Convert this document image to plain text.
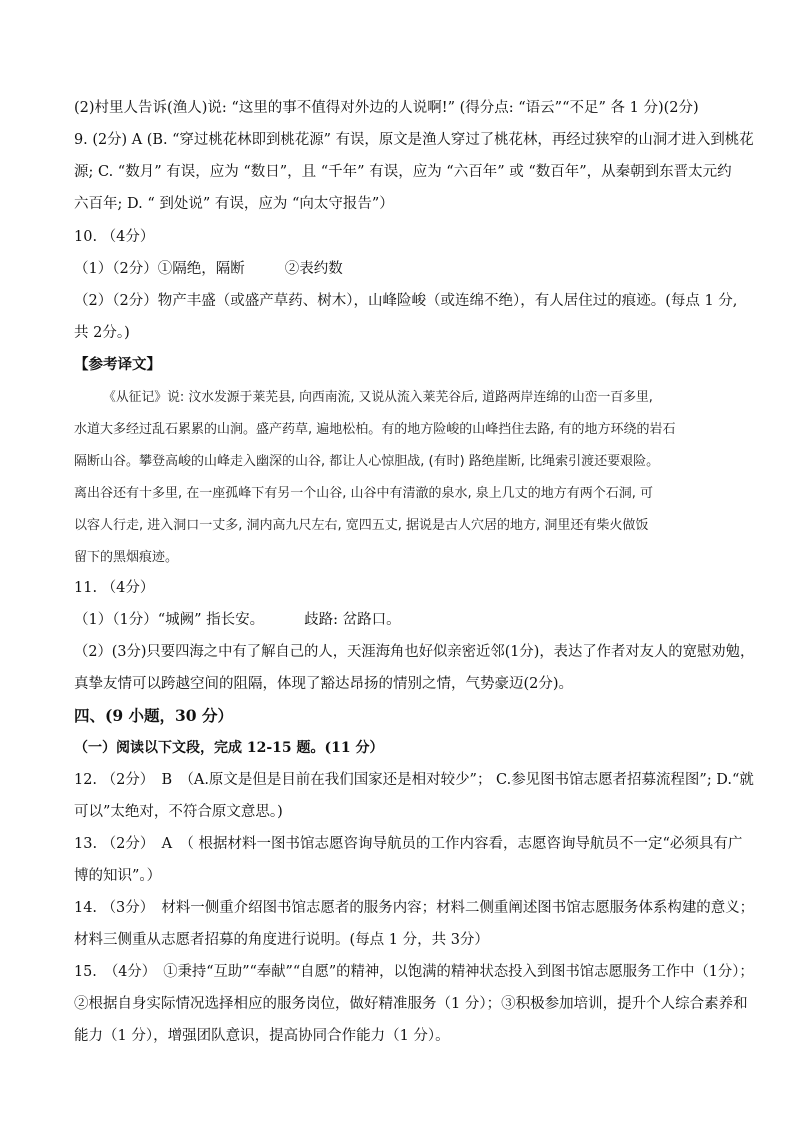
(2)村里人告诉(渔人)说: “这里的事不值得对外边的人说啊!” (得分点: “语云”“不足” 各 1 分)(2分)
9. (2分) A (B. “穿过桃花林即到桃花源” 有误，原文是渔人穿过了桃花林，再经过狭窄的山洞才进入到桃花
源; C. “数月” 有误，应为 “数日”，且 “千年” 有误，应为 “六百年” 或 “数百年”，从秦朝到东晋太元约
六百年; D. “ 到处说” 有误，应为 “向太守报告”）
10. （4分）
（1）（2分）①隔绝，隔断	②表约数
（2）（2分）物产丰盛（或盛产草药、树木），山峰险峻（或连绵不绝），有人居住过的痕迹。(每点 1 分,
共 2分。)
【参考译文】
《从征记》说: 汶水发源于莱芜县, 向西南流, 又说从流入莱芜谷后, 道路两岸连绵的山峦一百多里,
水道大多经过乱石累累的山涧。盛产药草, 遍地松柏。有的地方险峻的山峰挡住去路, 有的地方环绕的岩石
隔断山谷。攀登高峻的山峰走入幽深的山谷, 都让人心惊胆战, (有时) 路绝崖断, 比绳索引渡还要艰险。
离出谷还有十多里, 在一座孤峰下有另一个山谷, 山谷中有清澈的泉水, 泉上几丈的地方有两个石洞, 可
以容人行走, 进入洞口一丈多, 洞内高九尺左右, 宽四五丈, 据说是古人穴居的地方, 洞里还有柴火做饭
留下的黑烟痕迹。
11. （4分）
（1）（1分）“城阙” 指长安。	歧路: 岔路口。
（2）(3分)只要四海之中有了解自己的人，天涯海角也好似亲密近邻(1分)，表达了作者对友人的宽慰劝勉，
真挚友情可以跨越空间的阻隔，体现了豁达昂扬的情别之情，气势豪迈(2分)。
四、(9 小题，30 分）
（一）阅读以下文段，完成 12-15 题。(11 分）
12. （2分）　B　（A.原文是但是目前在我们国家还是相对较少”； C.参见图书馆志愿者招募流程图”; D.“就
可以”太绝对，不符合原文意思。)
13. （2分）　A　（ 根据材料一图书馆志愿咨询导航员的工作内容看，志愿咨询导航员不一定“必须具有广
博的知识”。）
14. （3分）　材料一侧重介绍图书馆志愿者的服务内容；材料二侧重阐述图书馆志愿服务体系构建的意义；
材料三侧重从志愿者招募的角度进行说明。(每点 1 分，共 3分）
15.　（4分）　①秉持“互助”“奉献”“自愿”的精神，以饱满的精神状态投入到图书馆志愿服务工作中（1分）；
②根据自身实际情况选择相应的服务岗位，做好精准服务（1 分）；③积极参加培训，提升个人综合素养和
能力（1 分），增强团队意识，提高协同合作能力（1 分）。
